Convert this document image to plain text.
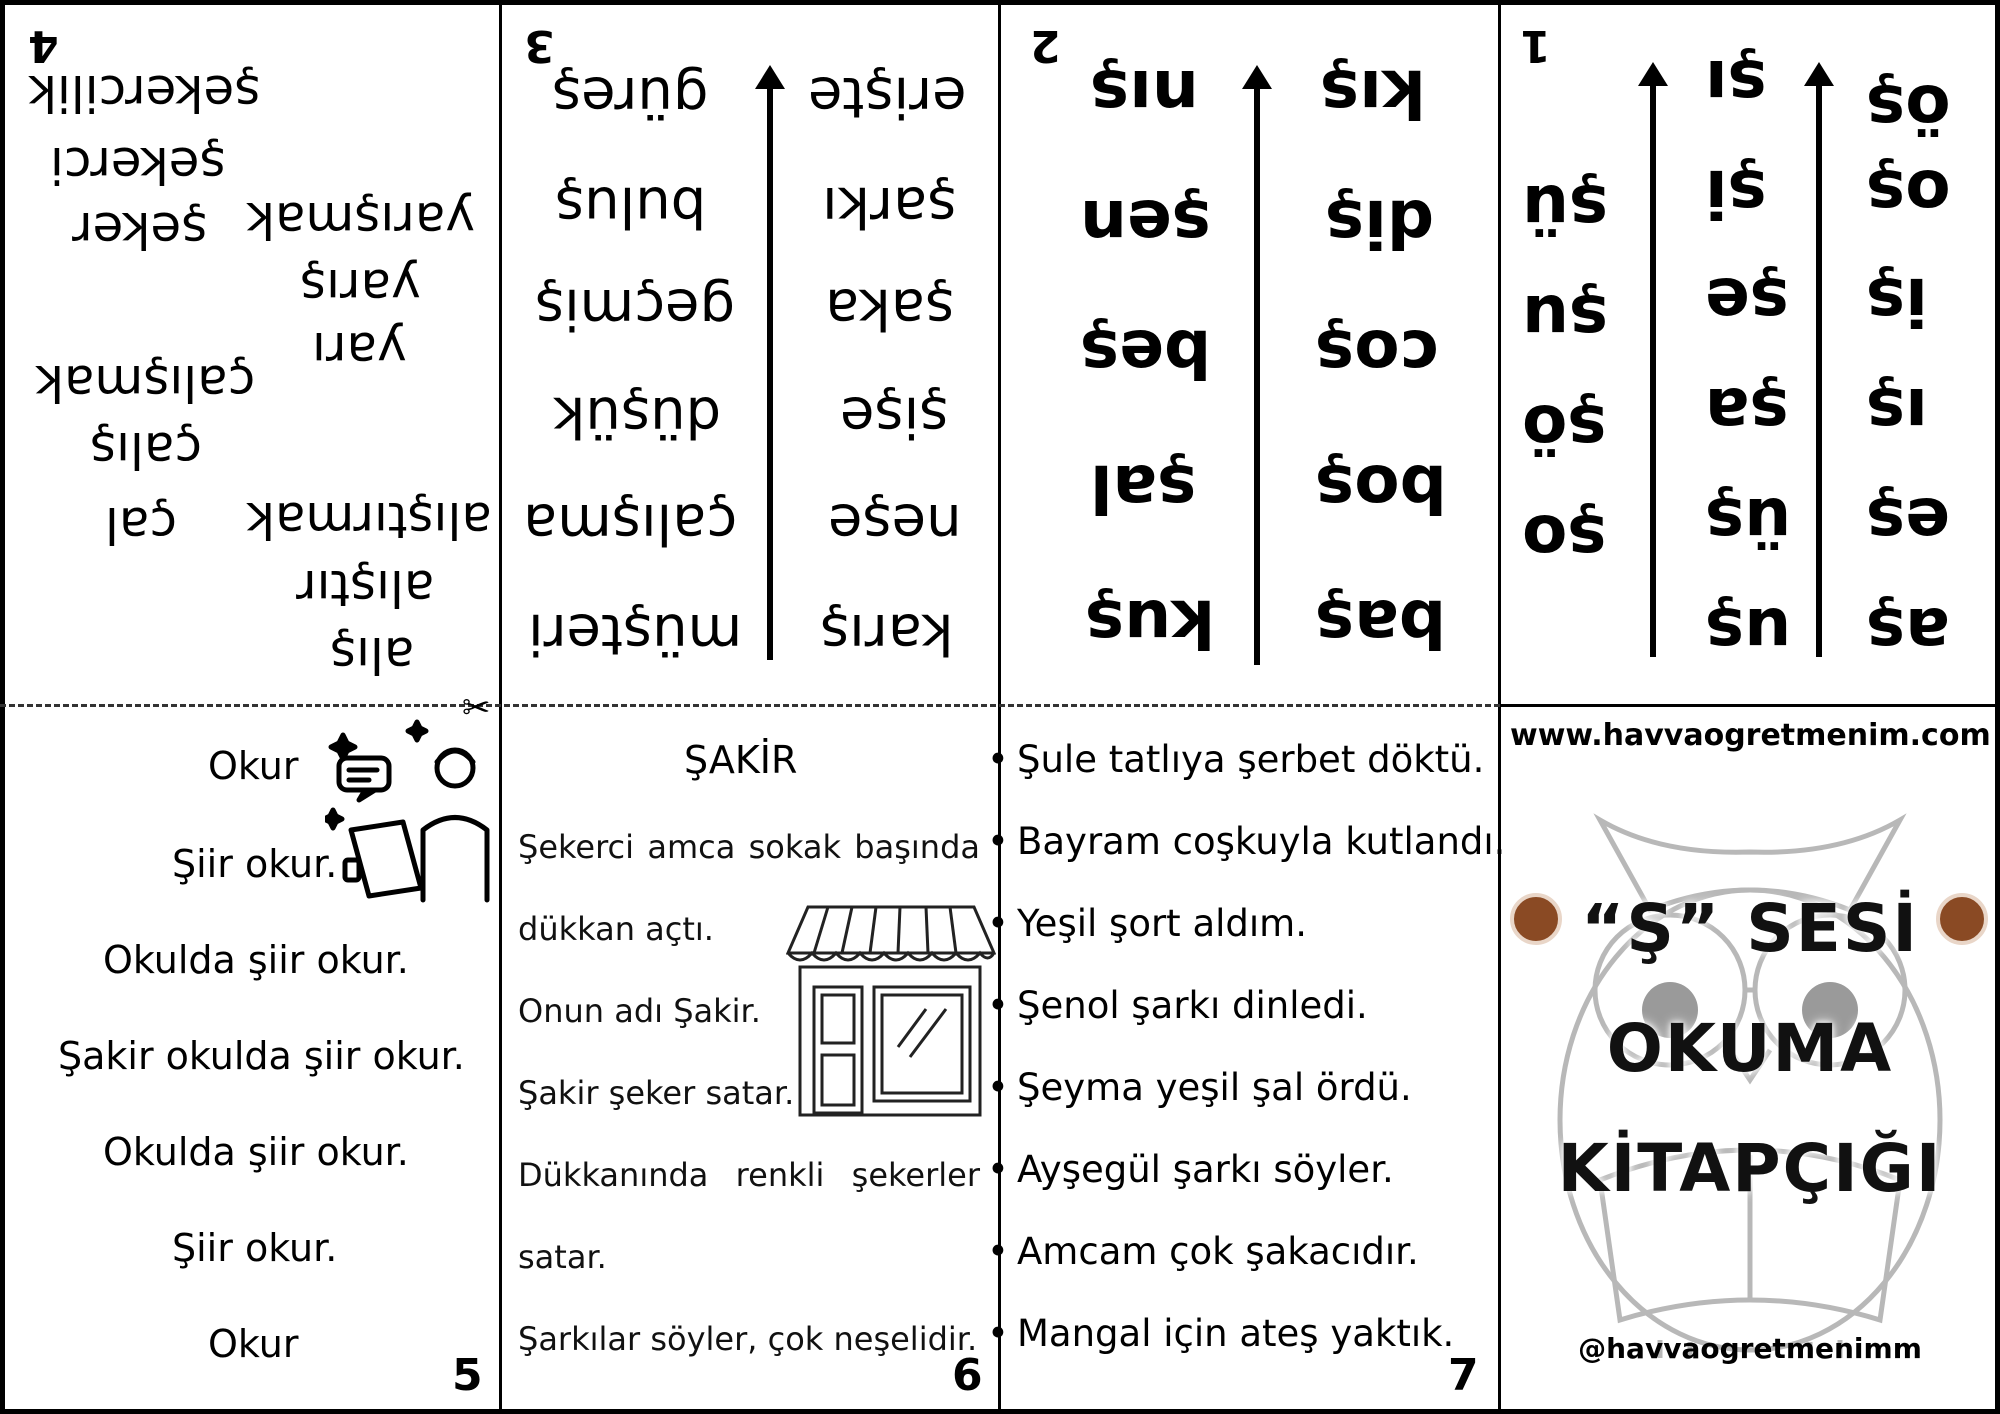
✂
1
şü
şu
şö
şo
şı
şi
şe
şa
üş
uş
öş
oş
iş
ış
eş
aş
2
nış
şen
beş
şal
kuş
kış
diş
coş
boş
baş
3
güreş
buluş
geçmiş
düşük
çalışma
müşteri
erişte
şarkı
şaka
şişe
neşe
karış
4
şekercilik
şekerci
şeker
çalışmak
çalış
çal
yarışmak
yarış
yarı
alıştırmak
alıştır
alış
Okur
Şiir okur.
Okulda şiir okur.
Şakir okulda şiir okur.
Okulda şiir okur.
Şiir okur.
Okur
5
ŞAKİR
Şekerci amca sokak başında
dükkan açtı.
Onun adı Şakir.
Şakir şeker satar.
Dükkanında renkli şekerler
satar.
Şarkılar söyler, çok neşelidir.
6
• Şule tatlıya şerbet döktü.
• Bayram coşkuyla kutlandı.
• Yeşil şort aldım.
• Şenol şarkı dinledi.
• Şeyma yeşil şal ördü.
• Ayşegül şarkı söyler.
• Amcam çok şakacıdır.
• Mangal için ateş yaktık.
7
www.havvaogretmenim.com
“Ş” SESİ
OKUMA
KİTAPÇIĞI
@havvaogretmenimm
